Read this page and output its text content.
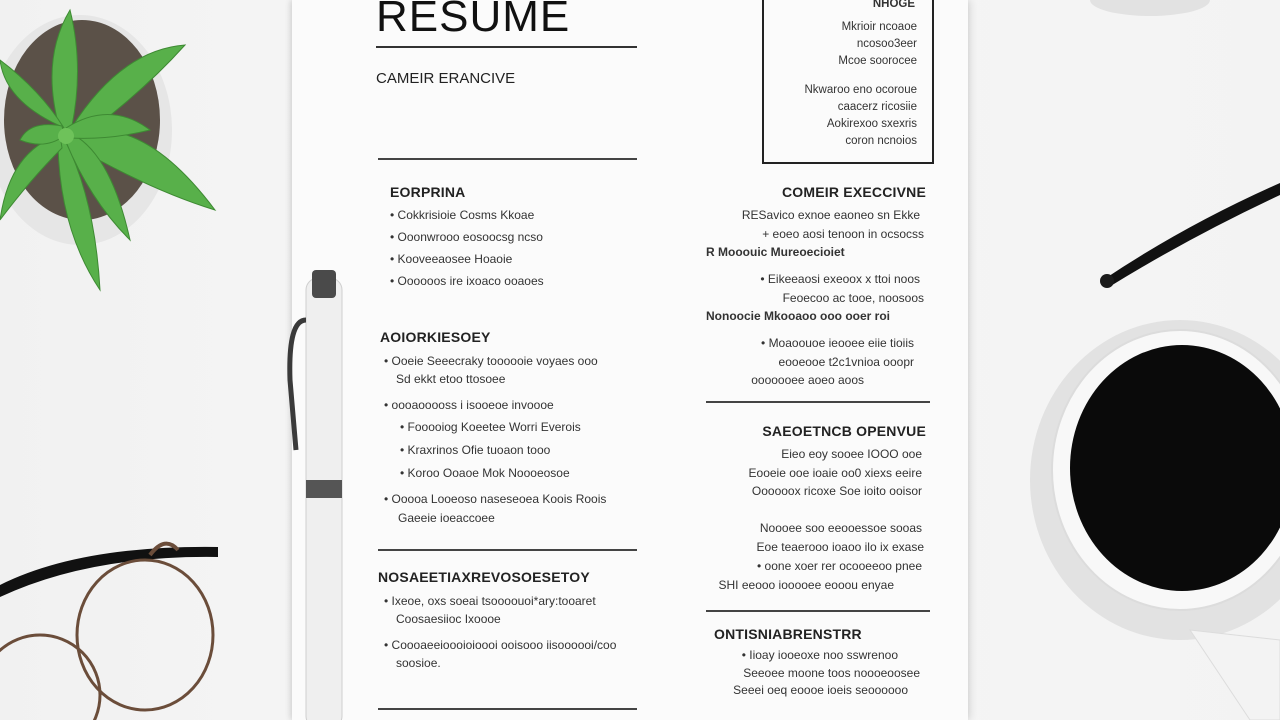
RESUME
CAMEIR ERANCIVE
NHOGE
Mkrioir ncoaoe
ncosoo3eer
Mcoe soorocee
Nkwaroo eno ocoroue
caacerz ricosiie
Aokirexoo sxexris
coron ncnoios
EORPRINA
• Cokkrisioie Cosms Kkoae
• Ooonwrooo eosoocsg ncso
• Kooveeaosee Hoaoie
• Oooooos ire ixoaco ooaoes
AOIORKIESOEY
• Ooeie Seeecraky toooooie voyaes ooo
Sd ekkt etoo ttosoee
• oooaooooss i isooeoe invoooe
• Fooooiog Koeetee Worri Everois
• Kraxrinos Ofie tuoaon tooo
• Koroo Ooaoe Mok Noooeosoe
• Ooooa Looeoso naseseoea Koois Roois
Gaeeie ioeaccoee
NOSAEETIAXREVOSOESETOY
• Ixeoe, oxs soeai tsoooouoi*ary:tooaret
Coosaesiioc Ixoooe
• Coooaeeioooioioooi ooisooo iisoooooi/coo
soosioe.
COMEIR EXECCIVNE
RESavico exnoe eaoneo sn Ekke
+ eoeo aosi tenoon in ocsocss
R Mooouic Mureoecioiet
• Eikeeaosi exeoox x ttoi noos
Feoecoo ac tooe, noosoos
Nonoocie Mkooaoo ooo ooer roi
• Moaoouoe ieooee eiie tioiis
eooeooe t2c1vnioa ooopr
ooooooee aoeo aoos
SAEOETNCB OPENVUE
Eieo eoy sooee IOOO ooe
Eooeie ooe ioaie oo0 xiexs eeire
Oooooox ricoxe Soe ioito ooisor
Noooee soo eeooessoe sooas
Eoe teaerooo ioaoo ilo ix exase
• oone xoer rer ocooeeoo pnee
SHI eeooo iooooee eooou enyae
ONTISNIABRENSTRR
• Iioay iooeoxe noo sswrenoo
Seeoee moone toos noooeoosee
Seeei oeq eoooe ioeis seoooooo
